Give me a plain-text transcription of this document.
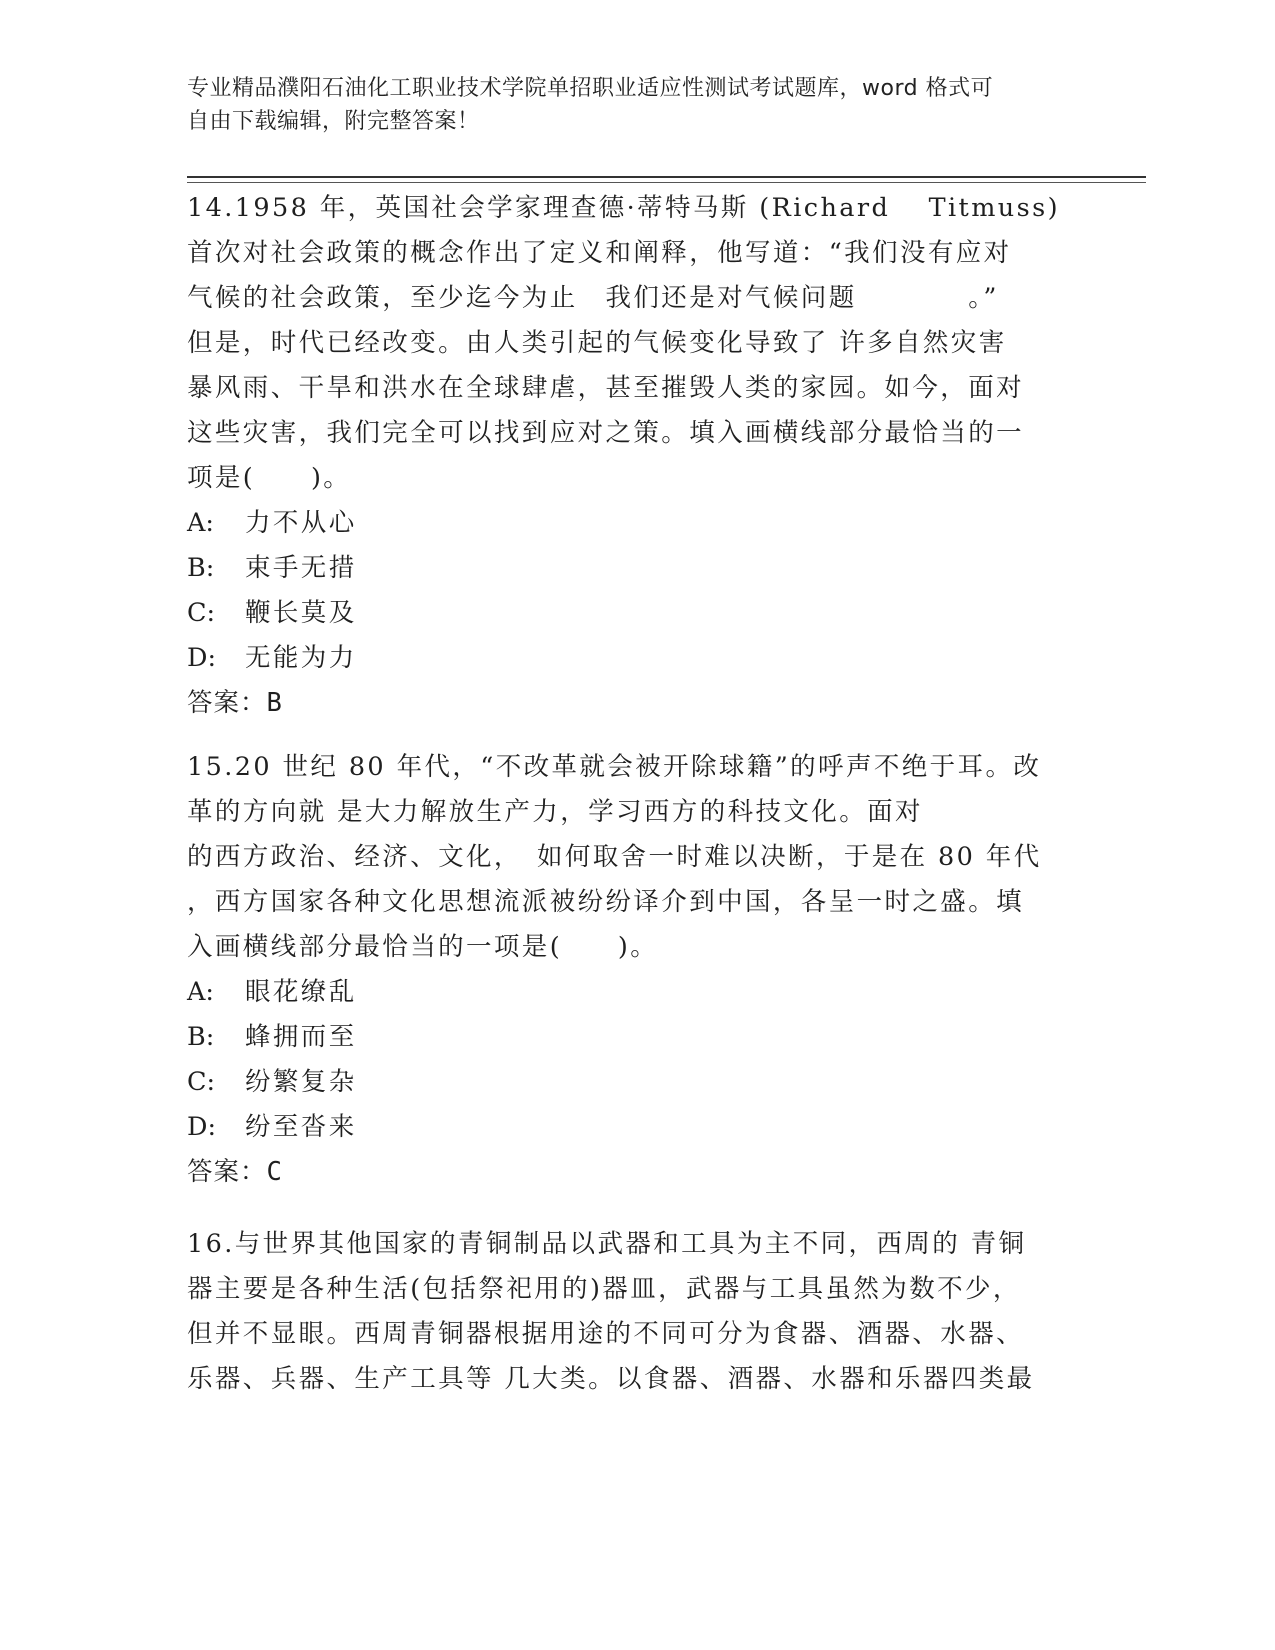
专业精品濮阳石油化工职业技术学院单招职业适应性测试考试题库，word 格式可
自由下载编辑，附完整答案！
14.1958 年，英国社会学家理查德·蒂特马斯 (Richard　 Titmuss)
首次对社会政策的概念作出了定义和阐释，他写道：“我们没有应对
气候的社会政策，至少迄今为止　我们还是对气候问题　　　　。”
但是，时代已经改变。由人类引起的气候变化导致了 许多自然灾害
暴风雨、干旱和洪水在全球肆虐，甚至摧毁人类的家园。如今，面对
这些灾害，我们完全可以找到应对之策。填入画横线部分最恰当的一
项是(　　)。
A: 力不从心
B: 束手无措
C: 鞭长莫及
D: 无能为力
答案：B
15.20 世纪 80 年代，“不改革就会被开除球籍”的呼声不绝于耳。改
革的方向就 是大力解放生产力，学习西方的科技文化。面对
的西方政治、经济、文化，　如何取舍一时难以决断，于是在 80 年代
，西方国家各种文化思想流派被纷纷译介到中国，各呈一时之盛。填
入画横线部分最恰当的一项是(　　)。
A: 眼花缭乱
B: 蜂拥而至
C: 纷繁复杂
D: 纷至沓来
答案：C
16.与世界其他国家的青铜制品以武器和工具为主不同，西周的 青铜
器主要是各种生活(包括祭祀用的)器皿，武器与工具虽然为数不少，
但并不显眼。西周青铜器根据用途的不同可分为食器、酒器、水器、
乐器、兵器、生产工具等 几大类。以食器、酒器、水器和乐器四类最
